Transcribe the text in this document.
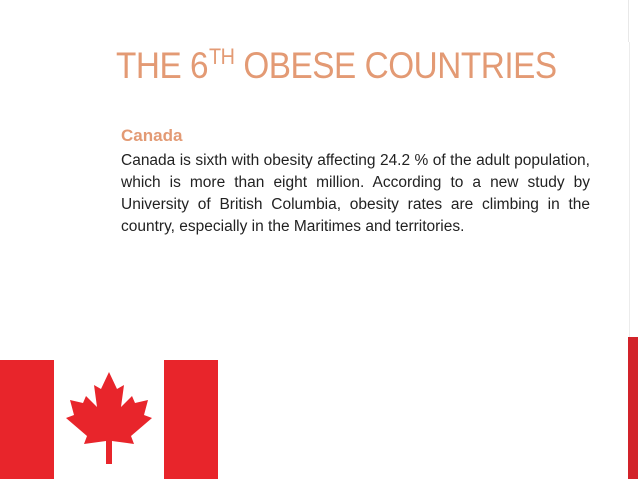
THE 6TH OBESE COUNTRIES
Canada

Canada is sixth with obesity affecting 24.2 % of the adult population, which is more than eight million. According to a new study by University of British Columbia, obesity rates are climbing in the country, especially in the Maritimes and territories.
